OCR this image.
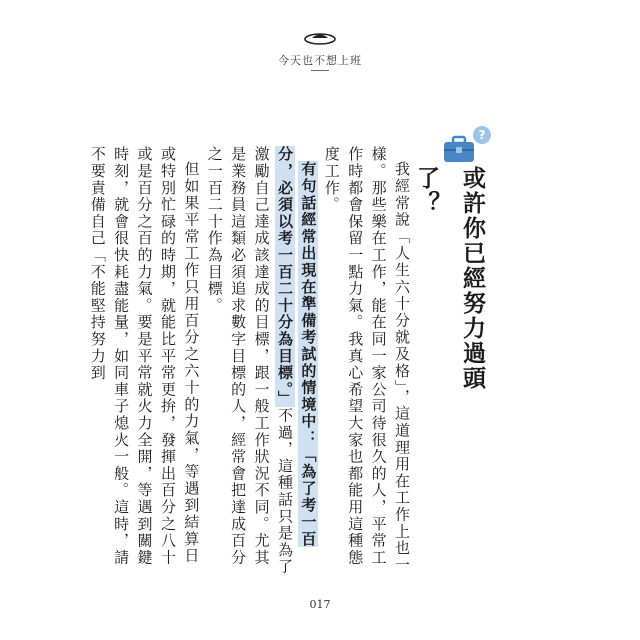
今天也不想上班

我經常說「人生六十分就及格」，這道理用在工作上也一樣。那些樂在工作，能在同一家公司待很久的人，平常工作時都會保留一點力氣。我真心希望大家也都能用這種態度工作。

有句話經常出現在準備考試的情境中：「為了考一百分，必須以考一百二十分為目標。」不過，這種話只是為了激勵自己達成該達成的目標，跟一般工作狀況不同。尤其是業務員這類必須追求數字目標的人，經常會把達成百分之一百二十作為目標。

但如果平常工作只用百分之六十的力氣，等遇到結算日或特別忙碌的時期，就能比平常更拚，發揮出百分之八十或是百分之百的力氣。要是平常就火力全開，等遇到關鍵時刻，就會很快耗盡能量，如同車子熄火一般。這時，請不要責備自己「不能堅持努力到

?
或許你已經努力過頭了？
017
